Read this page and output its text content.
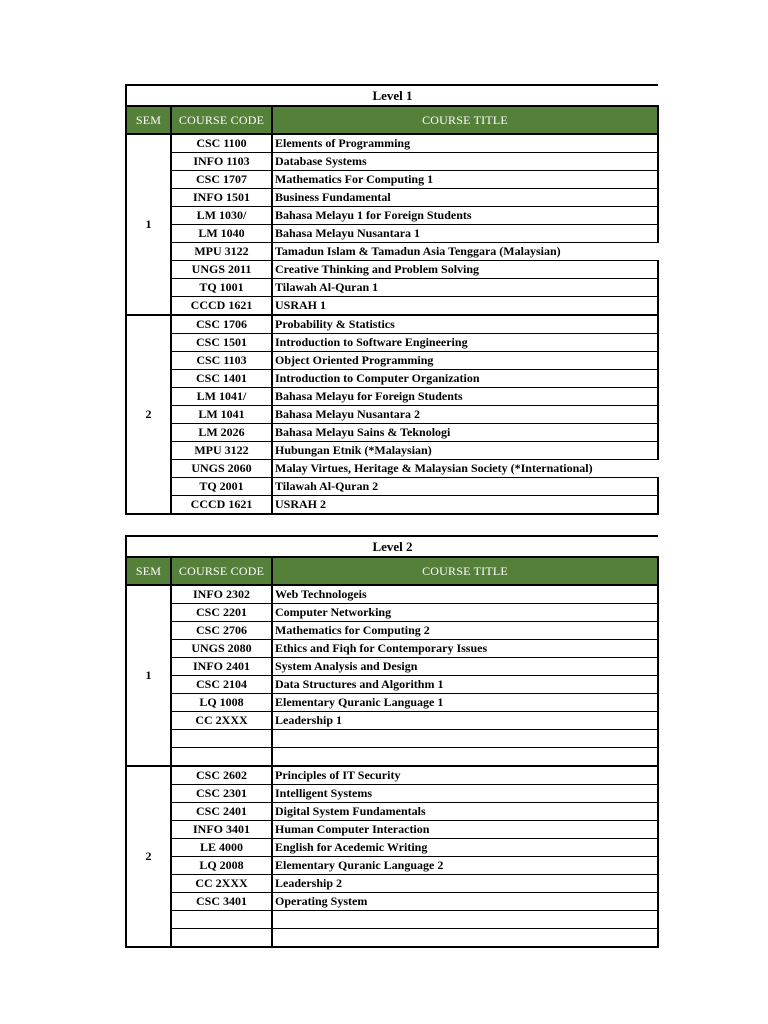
Level 1		
SEM	COURSE CODE	COURSE TITLE
1	CSC 1100	Elements of Programming
	INFO 1103	Database Systems
	CSC 1707	Mathematics For Computing 1
	INFO 1501	Business Fundamental
	LM 1030/	Bahasa Melayu 1 for Foreign Students
	LM 1040	Bahasa Melayu Nusantara 1
	MPU 3122	Tamadun Islam & Tamadun Asia Tenggara (Malaysian)
	UNGS 2011	Creative Thinking and Problem Solving
	TQ 1001	Tilawah Al-Quran 1
	CCCD 1621	USRAH 1
2	CSC 1706	Probability & Statistics
	CSC 1501	Introduction to Software Engineering
	CSC 1103	Object Oriented Programming
	CSC 1401	Introduction to Computer Organization
	LM 1041/	Bahasa Melayu for Foreign Students
	LM 1041	Bahasa Melayu Nusantara 2
	LM 2026	Bahasa Melayu Sains & Teknologi
	MPU 3122	Hubungan Etnik (*Malaysian)
	UNGS 2060	Malay Virtues, Heritage & Malaysian Society (*International)
	TQ 2001	Tilawah Al-Quran 2
	CCCD 1621	USRAH 2
Level 2		
SEM	COURSE CODE	COURSE TITLE
1	INFO 2302	Web Technologeis
	CSC 2201	Computer Networking
	CSC 2706	Mathematics for Computing 2
	UNGS 2080	Ethics and Fiqh for Contemporary Issues
	INFO 2401	System Analysis and Design
	CSC 2104	Data Structures and Algorithm 1
	LQ 1008	Elementary Quranic Language 1
	CC 2XXX	Leadership 1

2	CSC 2602	Principles of IT Security
	CSC 2301	Intelligent Systems
	CSC 2401	Digital System Fundamentals
	INFO 3401	Human Computer Interaction
	LE 4000	English for Acedemic Writing
	LQ 2008	Elementary Quranic Language 2
	CC 2XXX	Leadership 2
	CSC 3401	Operating System
